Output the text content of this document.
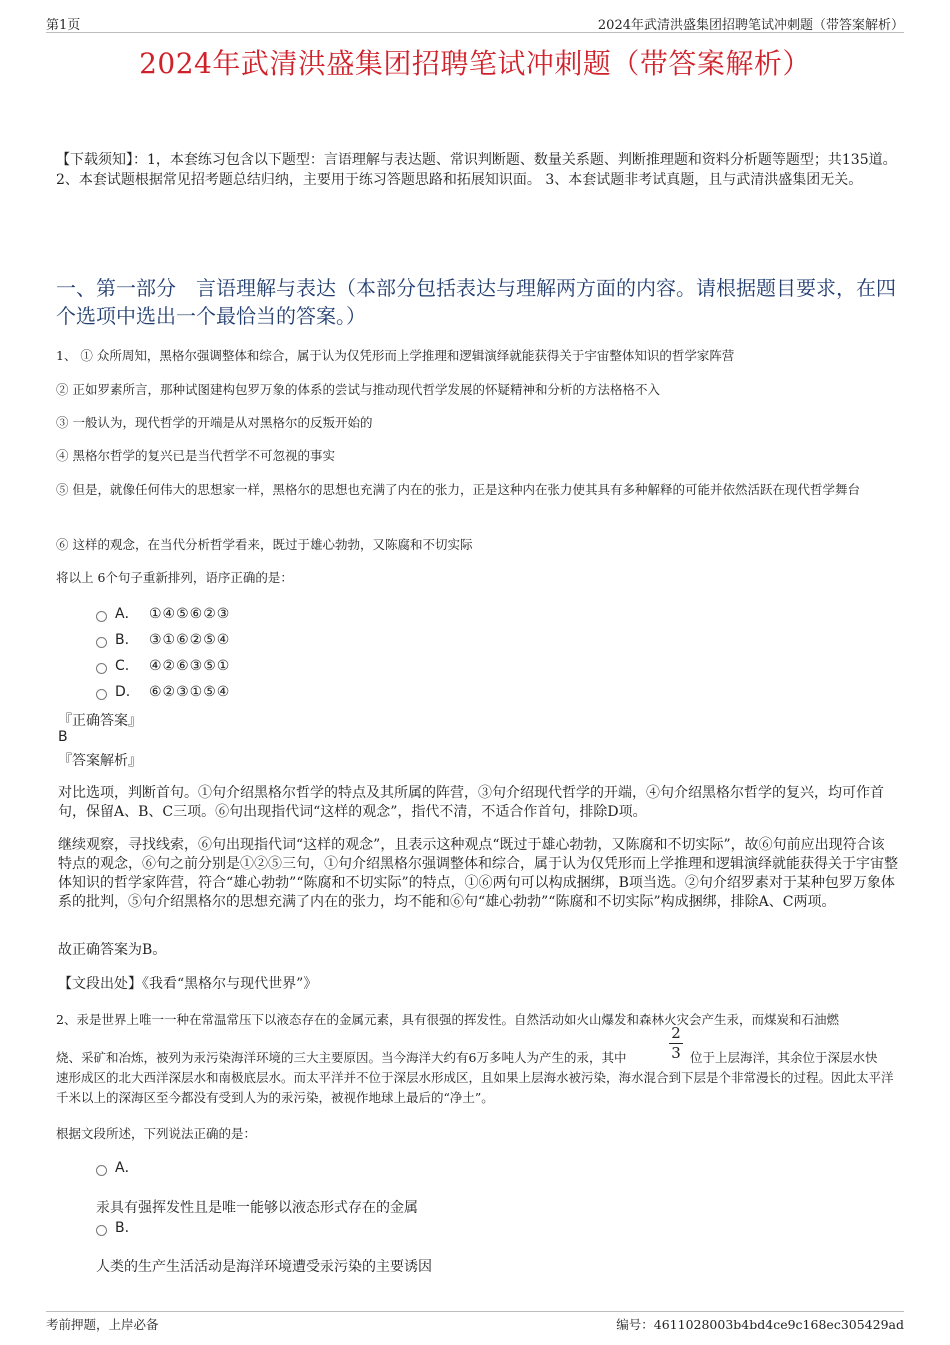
第1页	2024年武清洪盛集团招聘笔试冲刺题（带答案解析）
2024年武清洪盛集团招聘笔试冲刺题（带答案解析）
【下载须知】：1，本套练习包含以下题型：言语理解与表达题、常识判断题、数量关系题、判断推理题和资料分析题等题型；共135道。 2、本套试题根据常见招考题总结归纳，主要用于练习答题思路和拓展知识面。 3、本套试题非考试真题，且与武清洪盛集团无关。
一、第一部分　言语理解与表达（本部分包括表达与理解两方面的内容。请根据题目要求，在四个选项中选出一个最恰当的答案。）
1、 ① 众所周知，黑格尔强调整体和综合，属于认为仅凭形而上学推理和逻辑演绎就能获得关于宇宙整体知识的哲学家阵营
② 正如罗素所言，那种试图建构包罗万象的体系的尝试与推动现代哲学发展的怀疑精神和分析的方法格格不入
③ 一般认为，现代哲学的开端是从对黑格尔的反叛开始的
④ 黑格尔哲学的复兴已是当代哲学不可忽视的事实
⑤ 但是，就像任何伟大的思想家一样，黑格尔的思想也充满了内在的张力，正是这种内在张力使其具有多种解释的可能并依然活跃在现代哲学舞台
⑥ 这样的观念，在当代分析哲学看来，既过于雄心勃勃，又陈腐和不切实际
将以上 6个句子重新排列，语序正确的是：
A． ①④⑤⑥②③
B.	③①⑥②⑤④
C.	④②⑥③⑤①
D.	⑥②③①⑤④
『正确答案』
B
『答案解析』
对比选项，判断首句。①句介绍黑格尔哲学的特点及其所属的阵营，③句介绍现代哲学的开端，④句介绍黑格尔哲学的复兴，均可作首句，保留A、B、C三项。⑥句出现指代词“这样的观念”，指代不清，不适合作首句，排除D项。
继续观察，寻找线索，⑥句出现指代词“这样的观念”，且表示这种观点“既过于雄心勃勃，又陈腐和不切实际”，故⑥句前应出现符合该特点的观念，⑥句之前分别是①②⑤三句，①句介绍黑格尔强调整体和综合，属于认为仅凭形而上学推理和逻辑演绎就能获得关于宇宙整体知识的哲学家阵营，符合“雄心勃勃”“陈腐和不切实际”的特点，①⑥两句可以构成捆绑，B项当选。②句介绍罗素对于某种包罗万象体系的批判，⑤句介绍黑格尔的思想充满了内在的张力，均不能和⑥句“雄心勃勃”“陈腐和不切实际”构成捆绑，排除A、C两项。
故正确答案为B。
【文段出处】《我看“黑格尔与现代世界”》
2、汞是世界上唯一一种在常温常压下以液态存在的金属元素，具有很强的挥发性。自然活动如火山爆发和森林火灾会产生汞，而煤炭和石油燃
烧、采矿和冶炼，被列为汞污染海洋环境的三大主要原因。当今海洋大约有6万多吨人为产生的汞，其中
2
3 位于上层海洋，其余位于深层水快
速形成区的北大西洋深层水和南极底层水。而太平洋并不位于深层水形成区，且如果上层海水被污染，海水混合到下层是个非常漫长的过程。因此太平洋千米以上的深海区至今都没有受到人为的汞污染，被视作地球上最后的“净土”。
根据文段所述，下列说法正确的是：
A．
汞具有强挥发性且是唯一能够以液态形式存在的金属
B.
人类的生产生活活动是海洋环境遭受汞污染的主要诱因
考前押题，上岸必备	编号：4611028003b4bd4ce9c168ec305429ad
